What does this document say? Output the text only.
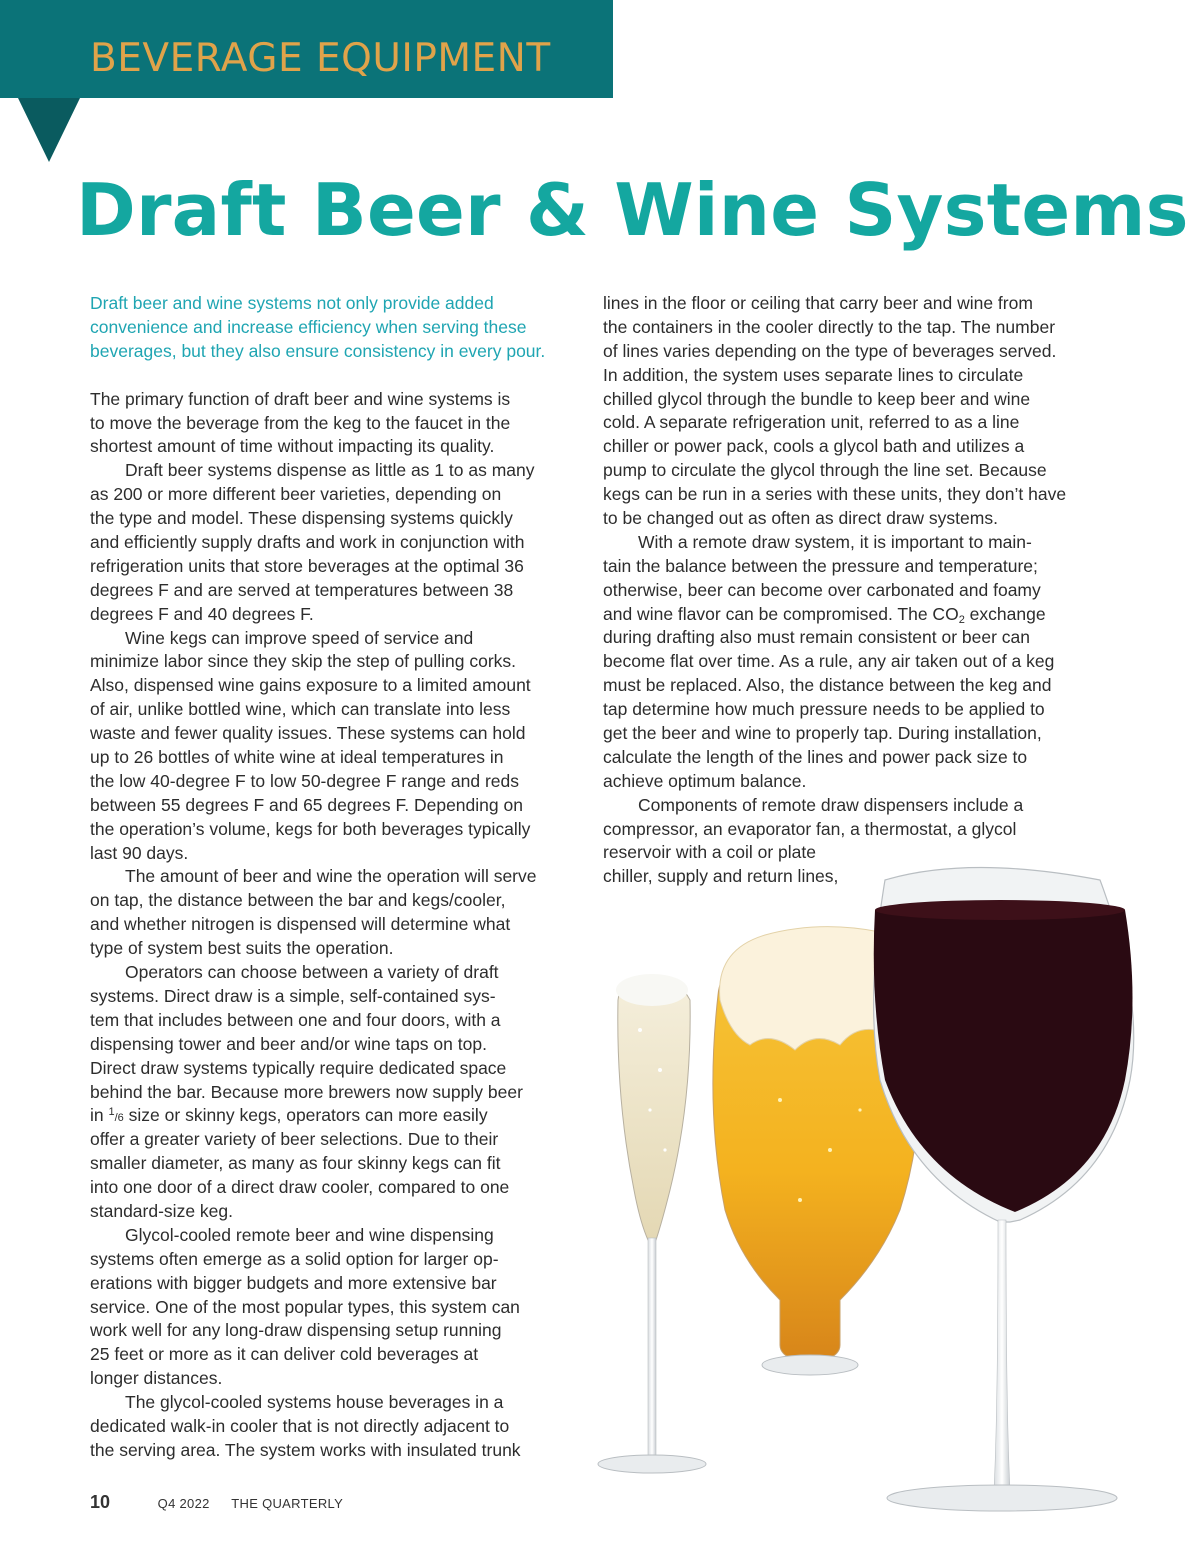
BEVERAGE EQUIPMENT
Draft Beer & Wine Systems
Draft beer and wine systems not only provide added
convenience and increase efficiency when serving these
beverages, but they also ensure consistency in every pour.
The primary function of draft beer and wine systems is
to move the beverage from the keg to the faucet in the
shortest amount of time without impacting its quality.
Draft beer systems dispense as little as 1 to as many
as 200 or more different beer varieties, depending on
the type and model. These dispensing systems quickly
and efficiently supply drafts and work in conjunction with
refrigeration units that store beverages at the optimal 36
degrees F and are served at temperatures between 38
degrees F and 40 degrees F.
Wine kegs can improve speed of service and
minimize labor since they skip the step of pulling corks.
Also, dispensed wine gains exposure to a limited amount
of air, unlike bottled wine, which can translate into less
waste and fewer quality issues. These systems can hold
up to 26 bottles of white wine at ideal temperatures in
the low 40-degree F to low 50-degree F range and reds
between 55 degrees F and 65 degrees F. Depending on
the operation’s volume, kegs for both beverages typically
last 90 days.
The amount of beer and wine the operation will serve
on tap, the distance between the bar and kegs/cooler,
and whether nitrogen is dispensed will determine what
type of system best suits the operation.
Operators can choose between a variety of draft
systems. Direct draw is a simple, self-contained sys-
tem that includes between one and four doors, with a
dispensing tower and beer and/or wine taps on top.
Direct draw systems typically require dedicated space
behind the bar. Because more brewers now supply beer
in $^1$/6 size or skinny kegs, operators can more easily
offer a greater variety of beer selections. Due to their
smaller diameter, as many as four skinny kegs can fit
into one door of a direct draw cooler, compared to one
standard-size keg.
Glycol-cooled remote beer and wine dispensing
systems often emerge as a solid option for larger op-
erations with bigger budgets and more extensive bar
service. One of the most popular types, this system can
work well for any long-draw dispensing setup running
25 feet or more as it can deliver cold beverages at
longer distances.
The glycol-cooled systems house beverages in a
dedicated walk-in cooler that is not directly adjacent to
the serving area. The system works with insulated trunk
lines in the floor or ceiling that carry beer and wine from
the containers in the cooler directly to the tap. The number
of lines varies depending on the type of beverages served.
In addition, the system uses separate lines to circulate
chilled glycol through the bundle to keep beer and wine
cold. A separate refrigeration unit, referred to as a line
chiller or power pack, cools a glycol bath and utilizes a
pump to circulate the glycol through the line set. Because
kegs can be run in a series with these units, they don’t have
to be changed out as often as direct draw systems.
With a remote draw system, it is important to main-
tain the balance between the pressure and temperature;
otherwise, beer can become over carbonated and foamy
and wine flavor can be compromised. The $CO_2$ exchange
during drafting also must remain consistent or beer can
become flat over time. As a rule, any air taken out of a keg
must be replaced. Also, the distance between the keg and
tap determine how much pressure needs to be applied to
get the beer and wine to properly tap. During installation,
calculate the length of the lines and power pack size to
achieve optimum balance.
Components of remote draw dispensers include a
compressor, an evaporator fan, a thermostat, a glycol
reservoir with a coil or plate
chiller, supply and return lines,
10	Q4 2022 THE QUARTERLY
